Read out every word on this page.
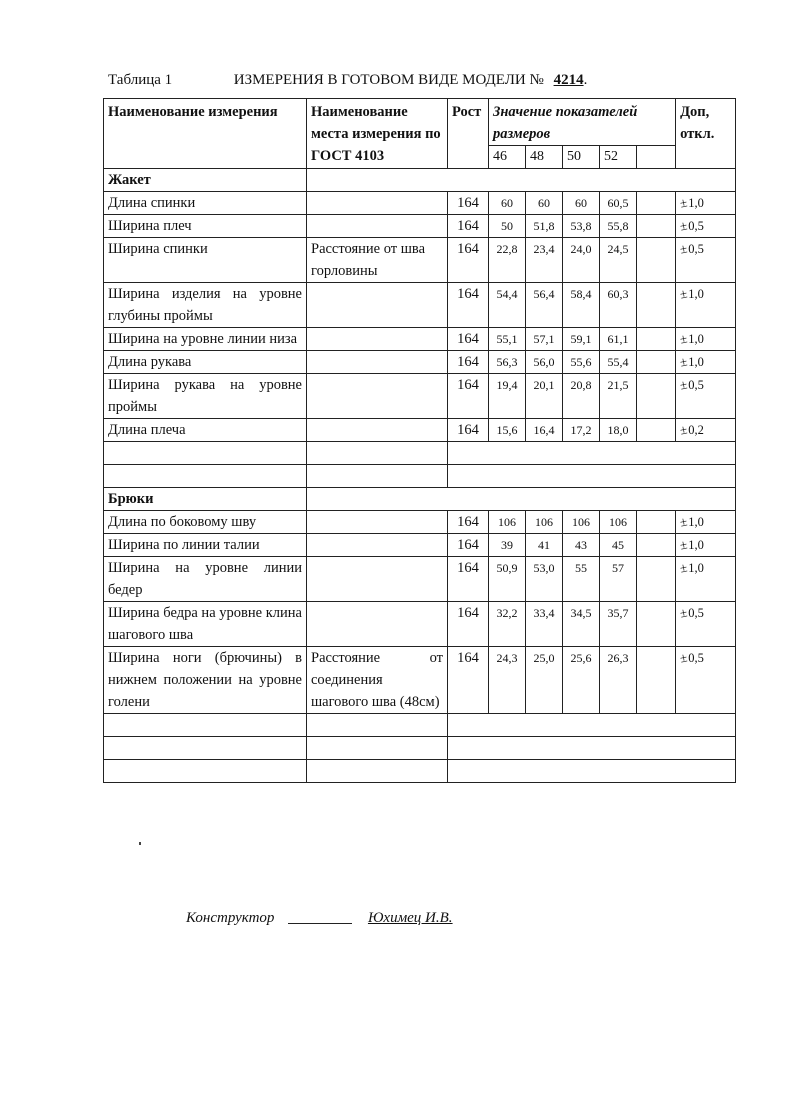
Таблица 1	ИЗМЕРЕНИЯ В ГОТОВОМ ВИДЕ МОДЕЛИ № 4214.
Наименование измерения	Наименование места измерения по ГОСТ 4103	Рост	Значение показателей размеров					Доп, откл.
			46	48	50	52		
Жакет								
Длина спинки		164	60	60	60	60,5		±1,0
Ширина плеч		164	50	51,8	53,8	55,8		±0,5
Ширина спинки	Расстояние от шва горловины	164	22,8	23,4	24,0	24,5		±0,5
Ширина изделия на уровне глубины проймы		164	54,4	56,4	58,4	60,3		±1,0
Ширина на уровне линии низа		164	55,1	57,1	59,1	61,1		±1,0
Длина рукава		164	56,3	56,0	55,6	55,4		±1,0
Ширина рукава на уровне проймы		164	19,4	20,1	20,8	21,5		±0,5
Длина плеча		164	15,6	16,4	17,2	18,0		±0,2

Брюки								
Длина по боковому шву		164	106	106	106	106		±1,0
Ширина по линии талии		164	39	41	43	45		±1,0
Ширина на уровне линии бедер		164	50,9	53,0	55	57		±1,0
Ширина бедра на уровне клина шагового шва		164	32,2	33,4	34,5	35,7		±0,5
Ширина ноги (брючины) в нижнем положении на уровне голени	Расстояние от соединения шагового шва (48см)	164	24,3	25,0	25,6	26,3		±0,5

Конструктор	Юхимец И.В.
